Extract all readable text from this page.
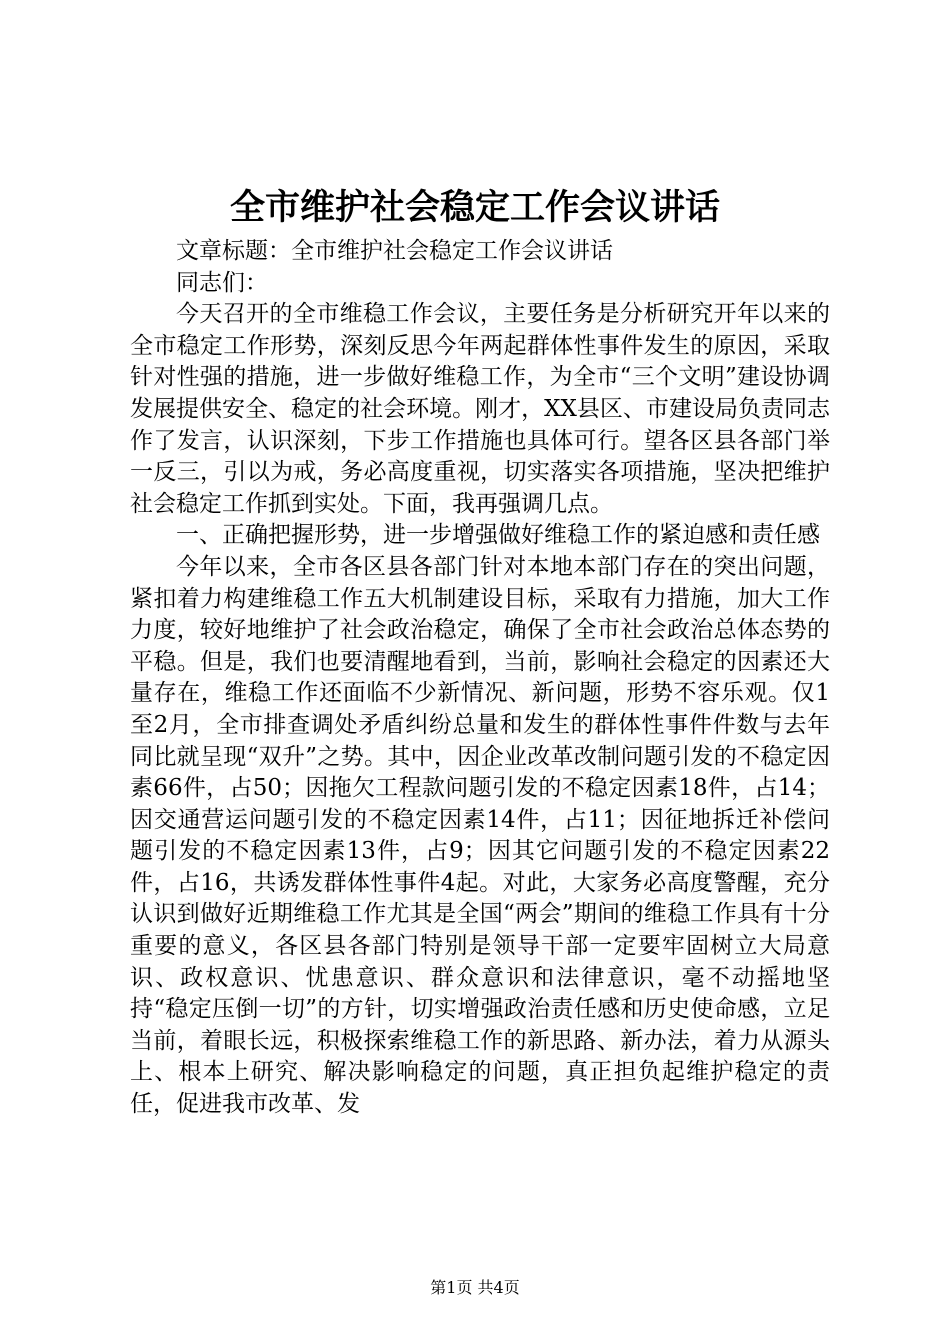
全市维护社会稳定工作会议讲话

文章标题：全市维护社会稳定工作会议讲话

同志们：

今天召开的全市维稳工作会议，主要任务是分析研究开年以来的全市稳定工作形势，深刻反思今年两起群体性事件发生的原因，采取针对性强的措施，进一步做好维稳工作，为全市“三个文明”建设协调发展提供安全、稳定的社会环境。刚才，XX县区、市建设局负责同志作了发言，认识深刻，下步工作措施也具体可行。望各区县各部门举一反三，引以为戒，务必高度重视，切实落实各项措施，坚决把维护社会稳定工作抓到实处。下面，我再强调几点。

一、正确把握形势，进一步增强做好维稳工作的紧迫感和责任感

今年以来，全市各区县各部门针对本地本部门存在的突出问题，紧扣着力构建维稳工作五大机制建设目标，采取有力措施，加大工作力度，较好地维护了社会政治稳定，确保了全市社会政治总体态势的平稳。但是，我们也要清醒地看到，当前，影响社会稳定的因素还大量存在，维稳工作还面临不少新情况、新问题，形势不容乐观。仅1至2月，全市排查调处矛盾纠纷总量和发生的群体性事件件数与去年同比就呈现“双升”之势。其中，因企业改革改制问题引发的不稳定因素66件，占50；因拖欠工程款问题引发的不稳定因素18件，占14；因交通营运问题引发的不稳定因素14件，占11；因征地拆迁补偿问题引发的不稳定因素13件，占9；因其它问题引发的不稳定因素22件，占16，共诱发群体性事件4起。对此，大家务必高度警醒，充分认识到做好近期维稳工作尤其是全国“两会”期间的维稳工作具有十分重要的意义，各区县各部门特别是领导干部一定要牢固树立大局意识、政权意识、忧患意识、群众意识和法律意识，毫不动摇地坚持“稳定压倒一切”的方针，切实增强政治责任感和历史使命感，立足当前，着眼长远，积极探索维稳工作的新思路、新办法，着力从源头上、根本上研究、解决影响稳定的问题，真正担负起维护稳定的责任，促进我市改革、发

第1页 共4页
